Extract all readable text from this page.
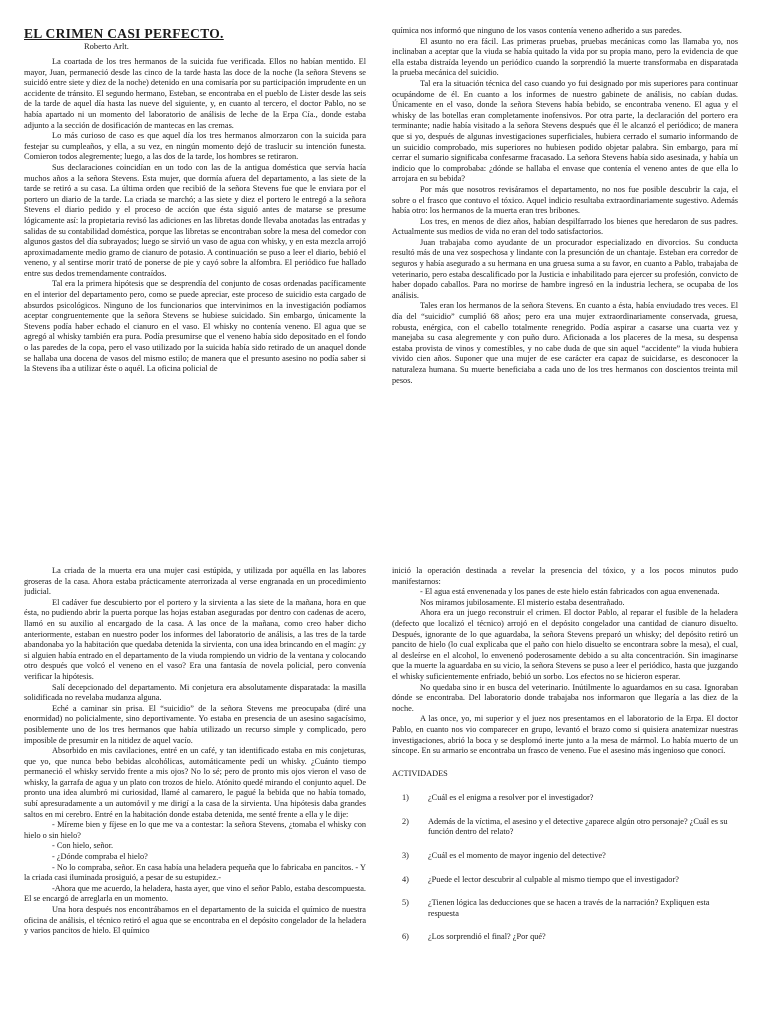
EL CRIMEN CASI PERFECTO.
Roberto Arlt.

La coartada de los tres hermanos de la suicida fue verificada. Ellos no habían mentido. El mayor, Juan, permaneció desde las cinco de la tarde hasta las doce de la noche (la señora Stevens se suicidó entre siete y diez de la noche) detenido en una comisaría por su participación imprudente en un accidente de tránsito. El segundo hermano, Esteban, se encontraba en el pueblo de Lister desde las seis de la tarde de aquel día hasta las nueve del siguiente, y, en cuanto al tercero, el doctor Pablo, no se había apartado ni un momento del laboratorio de análisis de leche de la Erpa Cía., donde estaba adjunto a la sección de dosificación de mantecas en las cremas.

Lo más curioso de caso es que aquel día los tres hermanos almorzaron con la suicida para festejar su cumpleaños, y ella, a su vez, en ningún momento dejó de traslucir su intención funesta. Comieron todos alegremente; luego, a las dos de la tarde, los hombres se retiraron.

Sus declaraciones coincidían en un todo con las de la antigua doméstica que servía hacía muchos años a la señora Stevens. Esta mujer, que dormía afuera del departamento, a las siete de la tarde se retiró a su casa. La última orden que recibió de la señora Stevens fue que le enviara por el portero un diario de la tarde. La criada se marchó; a las siete y diez el portero le entregó a la señora Stevens el diario pedido y el proceso de acción que ésta siguió antes de matarse se presume lógicamente así: la propietaria revisó las adiciones en las libretas donde llevaba anotadas las entradas y salidas de su contabilidad doméstica, porque las libretas se encontraban sobre la mesa del comedor con algunos gastos del día subrayados; luego se sirvió un vaso de agua con whisky, y en esta mezcla arrojó aproximadamente medio gramo de cianuro de potasio. A continuación se puso a leer el diario, bebió el veneno, y al sentirse morir trató de ponerse de pie y cayó sobre la alfombra. El periódico fue hallado entre sus dedos tremendamente contraídos.

Tal era la primera hipótesis que se desprendía del conjunto de cosas ordenadas pacíficamente en el interior del departamento pero, como se puede apreciar, este proceso de suicidio esta cargado de absurdos psicológicos. Ninguno de los funcionarios que intervinimos en la investigación podíamos aceptar congruentemente que la señora Stevens se hubiese suicidado. Sin embargo, únicamente la Stevens podía haber echado el cianuro en el vaso. El whisky no contenía veneno. El agua que se agregó al whisky también era pura. Podía presumirse que el veneno había sido depositado en el fondo o las paredes de la copa, pero el vaso utilizado por la suicida había sido retirado de un anaquel donde se hallaba una docena de vasos del mismo estilo; de manera que el presunto asesino no podía saber si la Stevens iba a utilizar éste o aquél. La oficina policial de

química nos informó que ninguno de los vasos contenía veneno adherido a sus paredes.

El asunto no era fácil. Las primeras pruebas, pruebas mecánicas como las llamaba yo, nos inclinaban a aceptar que la viuda se había quitado la vida por su propia mano, pero la evidencia de que ella estaba distraída leyendo un periódico cuando la sorprendió la muerte transformaba en disparatada la prueba mecánica del suicidio.

Tal era la situación técnica del caso cuando yo fui designado por mis superiores para continuar ocupándome de él. En cuanto a los informes de nuestro gabinete de análisis, no cabían dudas. Únicamente en el vaso, donde la señora Stevens había bebido, se encontraba veneno. El agua y el whisky de las botellas eran completamente inofensivos. Por otra parte, la declaración del portero era terminante; nadie había visitado a la señora Stevens después que él le alcanzó el periódico; de manera que si yo, después de algunas investigaciones superficiales, hubiera cerrado el sumario informando de un suicidio comprobado, mis superiores no hubiesen podido objetar palabra. Sin embargo, para mí cerrar el sumario significaba confesarme fracasado. La señora Stevens había sido asesinada, y había un indicio que lo comprobaba: ¿dónde se hallaba el envase que contenía el veneno antes de que ella lo arrojara en su bebida?

Por más que nosotros revisáramos el departamento, no nos fue posible descubrir la caja, el sobre o el frasco que contuvo el tóxico. Aquel indicio resultaba extraordinariamente sugestivo. Además había otro: los hermanos de la muerta eran tres bribones.

Los tres, en menos de diez años, habían despilfarrado los bienes que heredaron de sus padres. Actualmente sus medios de vida no eran del todo satisfactorios.

Juan trabajaba como ayudante de un procurador especializado en divorcios. Su conducta resultó más de una vez sospechosa y lindante con la presunción de un chantaje. Esteban era corredor de seguros y había asegurado a su hermana en una gruesa suma a su favor, en cuanto a Pablo, trabajaba de veterinario, pero estaba descalificado por la Justicia e inhabilitado para ejercer su profesión, convicto de haber dopado caballos. Para no morirse de hambre ingresó en la industria lechera, se ocupaba de los análisis.

Tales eran los hermanos de la señora Stevens. En cuanto a ésta, había enviudado tres veces. El día del “suicidio” cumplió 68 años; pero era una mujer extraordinariamente conservada, gruesa, robusta, enérgica, con el cabello totalmente renegrido. Podía aspirar a casarse una cuarta vez y manejaba su casa alegremente y con puño duro. Aficionada a los placeres de la mesa, su despensa estaba provista de vinos y comestibles, y no cabe duda de que sin aquel “accidente” la viuda hubiera vivido cien años. Suponer que una mujer de ese carácter era capaz de suicidarse, es desconocer la naturaleza humana. Su muerte beneficiaba a cada uno de los tres hermanos con doscientos treinta mil pesos.

La criada de la muerta era una mujer casi estúpida, y utilizada por aquélla en las labores groseras de la casa. Ahora estaba prácticamente aterrorizada al verse engranada en un procedimiento judicial.

El cadáver fue descubierto por el portero y la sirvienta a las siete de la mañana, hora en que ésta, no pudiendo abrir la puerta porque las hojas estaban aseguradas por dentro con cadenas de acero, llamó en su auxilio al encargado de la casa. A las once de la mañana, como creo haber dicho anteriormente, estaban en nuestro poder los informes del laboratorio de análisis, a las tres de la tarde abandonaba yo la habitación que quedaba detenida la sirvienta, con una idea brincando en el magín: ¿y si alguien había entrado en el departamento de la viuda rompiendo un vidrio de la ventana y colocando otro después que volcó el veneno en el vaso? Era una fantasía de novela policial, pero convenía verificar la hipótesis.

Salí decepcionado del departamento. Mi conjetura era absolutamente disparatada: la masilla solidificada no revelaba mudanza alguna.

Eché a caminar sin prisa. El “suicidio” de la señora Stevens me preocupaba (diré una enormidad) no policialmente, sino deportivamente. Yo estaba en presencia de un asesino sagacísimo, posiblemente uno de los tres hermanos que había utilizado un recurso simple y complicado, pero imposible de presumir en la nitidez de aquel vacío.

Absorbido en mis cavilaciones, entré en un café, y tan identificado estaba en mis conjeturas, que yo, que nunca bebo bebidas alcohólicas, automáticamente pedí un whisky. ¿Cuánto tiempo permaneció el whisky servido frente a mis ojos? No lo sé; pero de pronto mis ojos vieron el vaso de whisky, la garrafa de agua y un plato con trozos de hielo. Atónito quedé mirando el conjunto aquel. De pronto una idea alumbró mi curiosidad, llamé al camarero, le pagué la bebida que no había tomado, subí apresuradamente a un automóvil y me dirigí a la casa de la sirvienta. Una hipótesis daba grandes saltos en mi cerebro. Entré en la habitación donde estaba detenida, me senté frente a ella y le dije:

- Míreme bien y fíjese en lo que me va a contestar: la señora Stevens, ¿tomaba el whisky con hielo o sin hielo?

- Con hielo, señor.

- ¿Dónde compraba el hielo?

- No lo compraba, señor. En casa había una heladera pequeña que lo fabricaba en pancitos. - Y la criada casi iluminada prosiguió, a pesar de su estupidez.-

-Ahora que me acuerdo, la heladera, hasta ayer, que vino el señor Pablo, estaba descompuesta. El se encargó de arreglarla en un momento.

Una hora después nos encontrábamos en el departamento de la suicida el químico de nuestra oficina de análisis, el técnico retiró el agua que se encontraba en el depósito congelador de la heladera y varios pancitos de hielo. El químico

inició la operación destinada a revelar la presencia del tóxico, y a los pocos minutos pudo manifestarnos:

- El agua está envenenada y los panes de este hielo están fabricados con agua envenenada.

Nos miramos jubilosamente. El misterio estaba desentrañado.

Ahora era un juego reconstruir el crimen. El doctor Pablo, al reparar el fusible de la heladera (defecto que localizó el técnico) arrojó en el depósito congelador una cantidad de cianuro disuelto. Después, ignorante de lo que aguardaba, la señora Stevens preparó un whisky; del depósito retiró un pancito de hielo (lo cual explicaba que el paño con hielo disuelto se encontrara sobre la mesa), el cual, al desleírse en el alcohol, lo envenenó poderosamente debido a su alta concentración. Sin imaginarse que la muerte la aguardaba en su vicio, la señora Stevens se puso a leer el periódico, hasta que juzgando el whisky suficientemente enfriado, bebió un sorbo. Los efectos no se hicieron esperar.

No quedaba sino ir en busca del veterinario. Inútilmente lo aguardamos en su casa. Ignoraban dónde se encontraba. Del laboratorio donde trabajaba nos informaron que llegaría a las diez de la noche.

A las once, yo, mi superior y el juez nos presentamos en el laboratorio de la Erpa. El doctor Pablo, en cuanto nos vio comparecer en grupo, levantó el brazo como si quisiera anatemizar nuestras investigaciones, abrió la boca y se desplomó inerte junto a la mesa de mármol. Lo había muerto de un síncope. En su armario se encontraba un frasco de veneno. Fue el asesino más ingenioso que conocí.

ACTIVIDADES

1)	¿Cuál es el enigma a resolver por el investigador?
2)	Además de la víctima, el asesino y el detective ¿aparece algún otro personaje? ¿Cuál es su función dentro del relato?
3)	¿Cuál es el momento de mayor ingenio del detective?
4)	¿Puede el lector descubrir al culpable al mismo tiempo que el investigador?
5)	¿Tienen lógica las deducciones que se hacen a través de la narración? Expliquen esta respuesta
6)	¿Los sorprendió el final? ¿Por qué?
